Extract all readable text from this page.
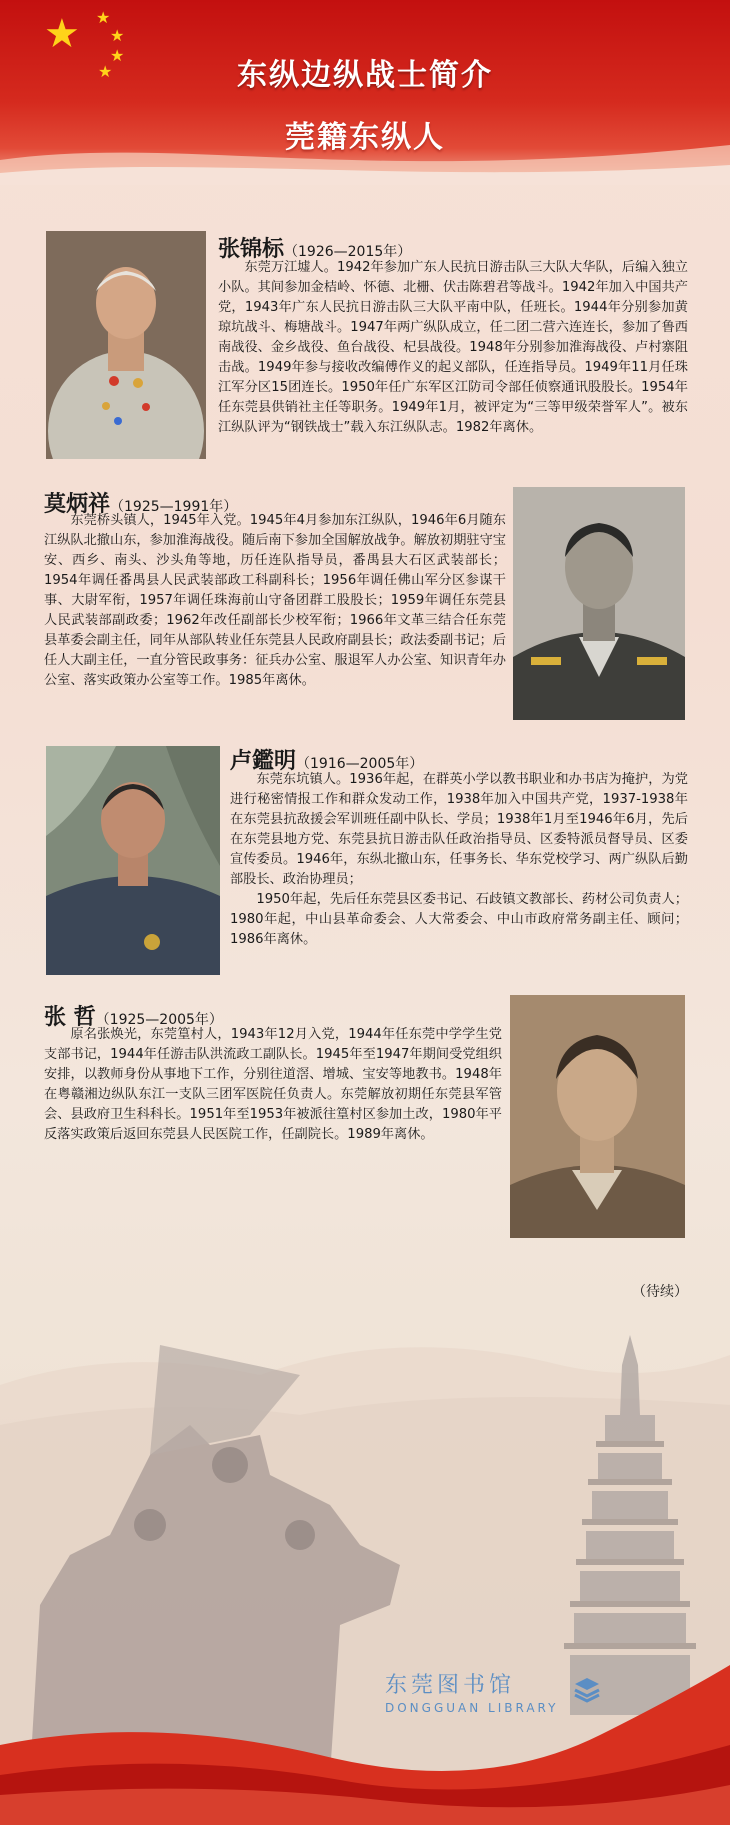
★ ★
★
★
★	东纵边纵战士简介
莞籍东纵人
张锦标（1926—2015年）

东莞万江墟人。1942年参加广东人民抗日游击队三大队大华队，后编入独立小队。其间参加金桔岭、怀德、北栅、伏击陈碧君等战斗。1942年加入中国共产党，1943年广东人民抗日游击队三大队平南中队，任班长。1944年分别参加黄琼坑战斗、梅塘战斗。1947年两广纵队成立，任二团二营六连连长，参加了鲁西南战役、金乡战役、鱼台战役、杞县战役。1948年分别参加淮海战役、卢村寨阻击战。1949年参与接收改编傅作义的起义部队，任连指导员。1949年11月任珠江军分区15团连长。1950年任广东军区江防司令部任侦察通讯股股长。1954年任东莞县供销社主任等职务。1949年1月，被评定为“三等甲级荣誉军人”。被东江纵队评为“钢铁战士”载入东江纵队志。1982年离休。

莫炳祥（1925—1991年）

东莞桥头镇人，1945年入党。1945年4月参加东江纵队，1946年6月随东江纵队北撤山东，参加淮海战役。随后南下参加全国解放战争。解放初期驻守宝安、西乡、南头、沙头角等地，历任连队指导员，番禺县大石区武装部长；1954年调任番禺县人民武装部政工科副科长；1956年调任佛山军分区参谋干事、大尉军衔，1957年调任珠海前山守备团群工股股长；1959年调任东莞县人民武装部副政委；1962年改任副部长少校军衔；1966年文革三结合任东莞县革委会副主任，同年从部队转业任东莞县人民政府副县长；政法委副书记；后任人大副主任，一直分管民政事务：征兵办公室、服退军人办公室、知识青年办公室、落实政策办公室等工作。1985年离休。

卢鑑明（1916—2005年）

东莞东坑镇人。1936年起，在群英小学以教书职业和办书店为掩护，为党进行秘密情报工作和群众发动工作，1938年加入中国共产党，1937-1938年在东莞县抗敌援会军训班任副中队长、学员；1938年1月至1946年6月，先后在东莞县地方党、东莞县抗日游击队任政治指导员、区委特派员督导员、区委宣传委员。1946年，东纵北撤山东，任事务长、华东党校学习、两广纵队后勤部股长、政治协理员；

1950年起，先后任东莞县区委书记、石歧镇文教部长、药材公司负责人；1980年起，中山县革命委会、人大常委会、中山市政府常务副主任、顾问；1986年离休。

张 哲（1925—2005年）

原名张焕光，东莞篁村人，1943年12月入党，1944年任东莞中学学生党支部书记，1944年任游击队洪流政工副队长。1945年至1947年期间受党组织安排，以教师身份从事地下工作，分别往道滘、增城、宝安等地教书。1948年在粤赣湘边纵队东江一支队三团军医院任负责人。东莞解放初期任东莞县军管会、县政府卫生科科长。1951年至1953年被派往篁村区参加土改，1980年平反落实政策后返回东莞县人民医院工作，任副院长。1989年离休。

（待续）
东莞图书馆
DONGGUAN LIBRARY
